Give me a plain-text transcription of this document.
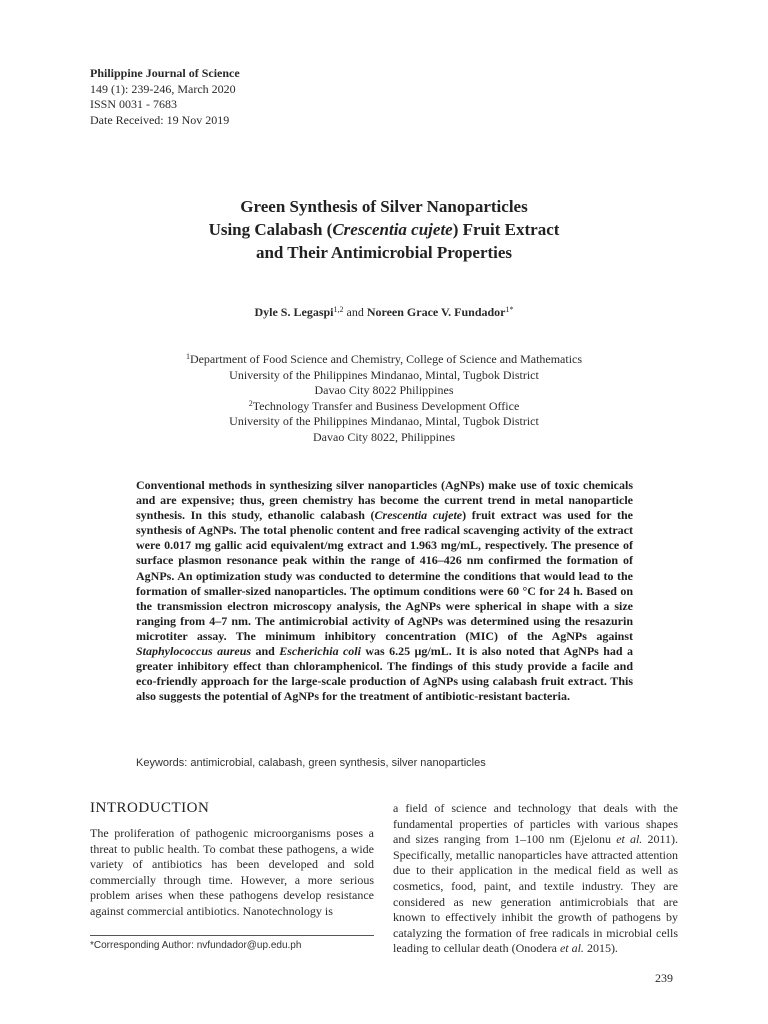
Philippine Journal of Science
149 (1): 239-246, March 2020
ISSN 0031 - 7683
Date Received: 19 Nov 2019
Green Synthesis of Silver Nanoparticles
Using Calabash (Crescentia cujete) Fruit Extract
and Their Antimicrobial Properties
Dyle S. Legaspi$^{1,2}$ and Noreen Grace V. Fundador$^{1*}$
$^1$Department of Food Science and Chemistry, College of Science and Mathematics
University of the Philippines Mindanao, Mintal, Tugbok District
Davao City 8022 Philippines
$^2$Technology Transfer and Business Development Office
University of the Philippines Mindanao, Mintal, Tugbok District
Davao City 8022, Philippines
Conventional methods in synthesizing silver nanoparticles (AgNPs) make use of toxic chemicals and are expensive; thus, green chemistry has become the current trend in metal nanoparticle synthesis. In this study, ethanolic calabash (Crescentia cujete) fruit extract was used for the synthesis of AgNPs. The total phenolic content and free radical scavenging activity of the extract were 0.017 mg gallic acid equivalent/mg extract and 1.963 mg/mL, respectively. The presence of surface plasmon resonance peak within the range of 416–426 nm confirmed the formation of AgNPs. An optimization study was conducted to determine the conditions that would lead to the formation of smaller-sized nanoparticles. The optimum conditions were 60 °C for 24 h. Based on the transmission electron microscopy analysis, the AgNPs were spherical in shape with a size ranging from 4–7 nm. The antimicrobial activity of AgNPs was determined using the resazurin microtiter assay. The minimum inhibitory concentration (MIC) of the AgNPs against Staphylococcus aureus and Escherichia coli was 6.25 µg/mL. It is also noted that AgNPs had a greater inhibitory effect than chloramphenicol. The findings of this study provide a facile and eco-friendly approach for the large-scale production of AgNPs using calabash fruit extract. This also suggests the potential of AgNPs for the treatment of antibiotic-resistant bacteria.
Keywords: antimicrobial, calabash, green synthesis, silver nanoparticles
INTRODUCTION
The proliferation of pathogenic microorganisms poses a threat to public health. To combat these pathogens, a wide variety of antibiotics has been developed and sold commercially through time. However, a more serious problem arises when these pathogens develop resistance against commercial antibiotics. Nanotechnology is
a field of science and technology that deals with the fundamental properties of particles with various shapes and sizes ranging from 1–100 nm (Ejelonu et al. 2011). Specifically, metallic nanoparticles have attracted attention due to their application in the medical field as well as cosmetics, food, paint, and textile industry. They are considered as new generation antimicrobials that are known to effectively inhibit the growth of pathogens by catalyzing the formation of free radicals in microbial cells leading to cellular death (Onodera et al. 2015).
*Corresponding Author: nvfundador@up.edu.ph
239
